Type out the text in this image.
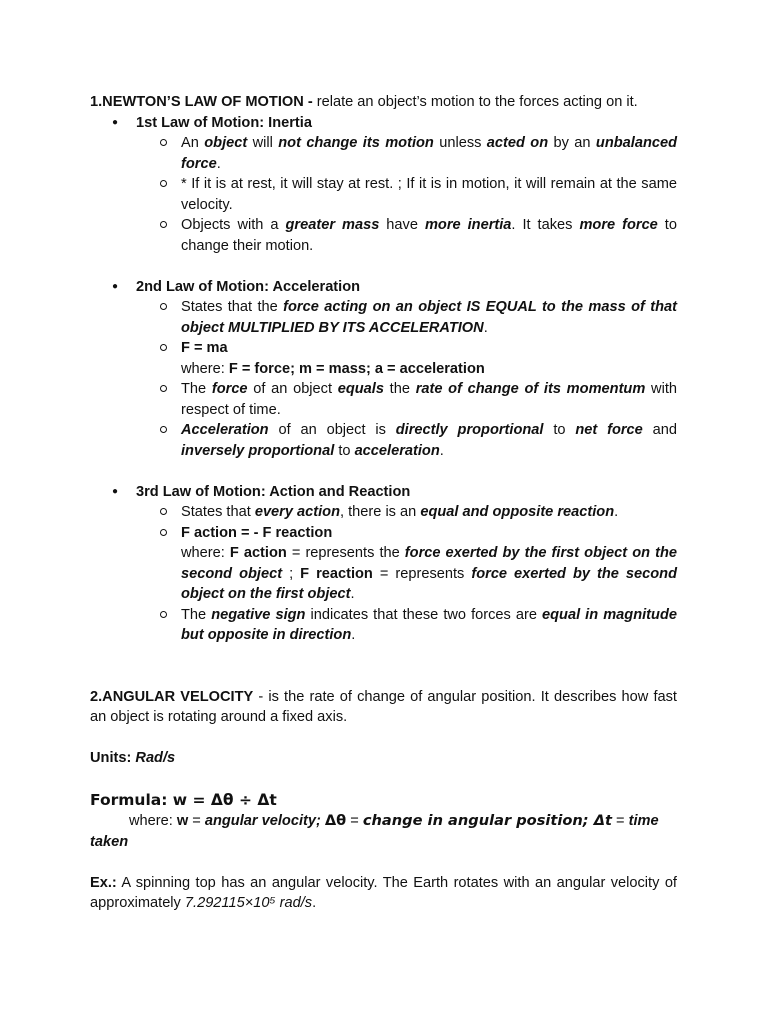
1.NEWTON’S LAW OF MOTION - relate an object’s motion to the forces acting on it.

● 1st Law of Motion: Inertia
An object will not change its motion unless acted on by an unbalanced force.
* If it is at rest, it will stay at rest. ; If it is in motion, it will remain at the same velocity.
Objects with a greater mass have more inertia. It takes more force to change their motion.
● 2nd Law of Motion: Acceleration
States that the force acting on an object IS EQUAL to the mass of that object MULTIPLIED BY ITS ACCELERATION.
F = ma
where: F = force; m = mass; a = acceleration
The force of an object equals the rate of change of its momentum with respect of time.
Acceleration of an object is directly proportional to net force and inversely proportional to acceleration.
● 3rd Law of Motion: Action and Reaction
States that every action, there is an equal and opposite reaction.
F action = - F reaction
where: F action = represents the force exerted by the first object on the second object ; F reaction = represents force exerted by the second object on the first object.
The negative sign indicates that these two forces are equal in magnitude but opposite in direction.

2.ANGULAR VELOCITY - is the rate of change of angular position. It describes how fast an object is rotating around a fixed axis.

Units: Rad/s

Formula: w = Δθ ÷ Δt

where: w = angular velocity; Δθ = change in angular position; Δt = time taken

Ex.: A spinning top has an angular velocity. The Earth rotates with an angular velocity of approximately 7.292115×10⁵ rad/s.
